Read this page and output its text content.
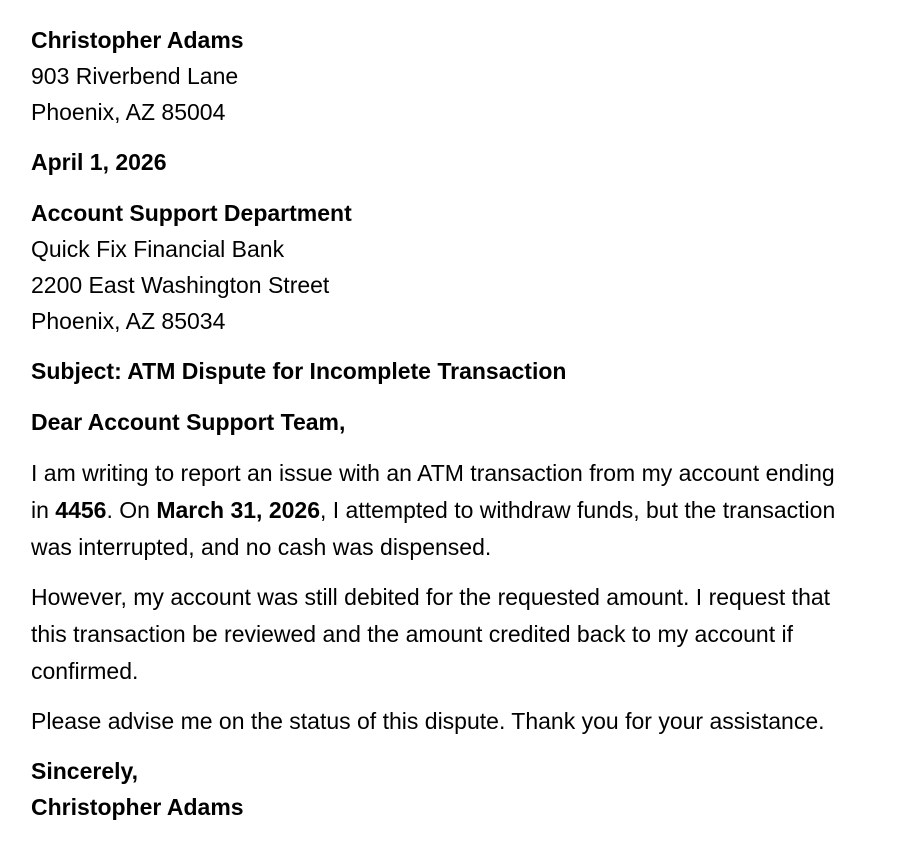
Christopher Adams
903 Riverbend Lane
Phoenix, AZ 85004
April 1, 2026
Account Support Department
Quick Fix Financial Bank
2200 East Washington Street
Phoenix, AZ 85034
Subject: ATM Dispute for Incomplete Transaction
Dear Account Support Team,

I am writing to report an issue with an ATM transaction from my account ending in 4456. On March 31, 2026, I attempted to withdraw funds, but the transaction was interrupted, and no cash was dispensed.

However, my account was still debited for the requested amount. I request that this transaction be reviewed and the amount credited back to my account if confirmed.

Please advise me on the status of this dispute. Thank you for your assistance.

Sincerely,
Christopher Adams
